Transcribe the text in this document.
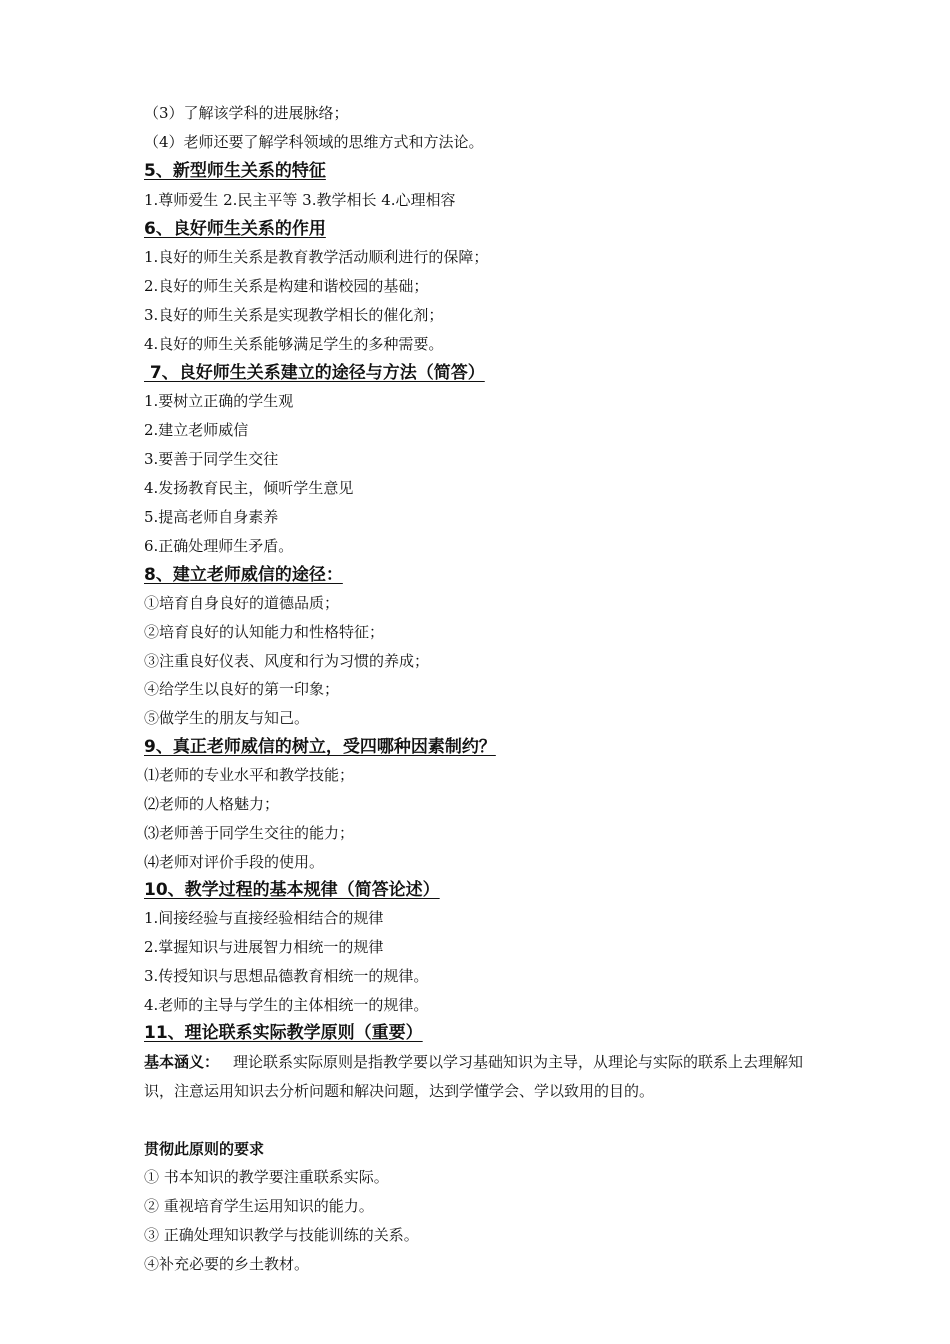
（3）了解该学科的进展脉络；
（4）老师还要了解学科领域的思维方式和方法论。
5、新型师生关系的特征
1.尊师爱生 2.民主平等 3.教学相长 4.心理相容
6、良好师生关系的作用
1.良好的师生关系是教育教学活动顺利进行的保障；
2.良好的师生关系是构建和谐校园的基础；
3.良好的师生关系是实现教学相长的催化剂；
4.良好的师生关系能够满足学生的多种需要。
7、良好师生关系建立的途径与方法（简答）
1.要树立正确的学生观
2.建立老师威信
3.要善于同学生交往
4.发扬教育民主，倾听学生意见
5.提高老师自身素养
6.正确处理师生矛盾。
8、建立老师威信的途径：
①培育自身良好的道德品质；
②培育良好的认知能力和性格特征；
③注重良好仪表、风度和行为习惯的养成；
④给学生以良好的第一印象；
⑤做学生的朋友与知己。
9、真正老师威信的树立，受四哪种因素制约？
⑴老师的专业水平和教学技能；
⑵老师的人格魅力；
⑶老师善于同学生交往的能力；
⑷老师对评价手段的使用。
10、教学过程的基本规律（简答论述）
1.间接经验与直接经验相结合的规律
2.掌握知识与进展智力相统一的规律
3.传授知识与思想品德教育相统一的规律。
4.老师的主导与学生的主体相统一的规律。
11、理论联系实际教学原则（重要）
基本涵义： 理论联系实际原则是指教学要以学习基础知识为主导，从理论与实际的联系上去理解知识，注意运用知识去分析问题和解决问题，达到学懂学会、学以致用的目的。
贯彻此原则的要求
① 书本知识的教学要注重联系实际。
② 重视培育学生运用知识的能力。
③ 正确处理知识教学与技能训练的关系。
④补充必要的乡土教材。
